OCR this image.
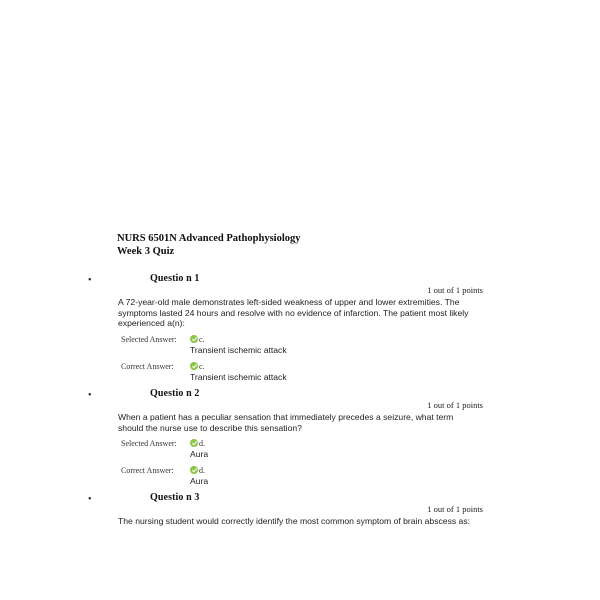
NURS 6501N Advanced Pathophysiology
Week 3 Quiz
•	Questio n 1
1 out of 1 points
A 72-year-old male demonstrates left-sided weakness of upper and lower extremities. The symptoms lasted 24 hours and resolve with no evidence of infarction. The patient most likely experienced a(n):
Selected Answer:	c.
Transient ischemic attack
Correct Answer:	c.
Transient ischemic attack
•	Questio n 2
1 out of 1 points
When a patient has a peculiar sensation that immediately precedes a seizure, what term should the nurse use to describe this sensation?
Selected Answer:	d.
Aura
Correct Answer:	d.
Aura
•	Questio n 3
1 out of 1 points
The nursing student would correctly identify the most common symptom of brain abscess as:
